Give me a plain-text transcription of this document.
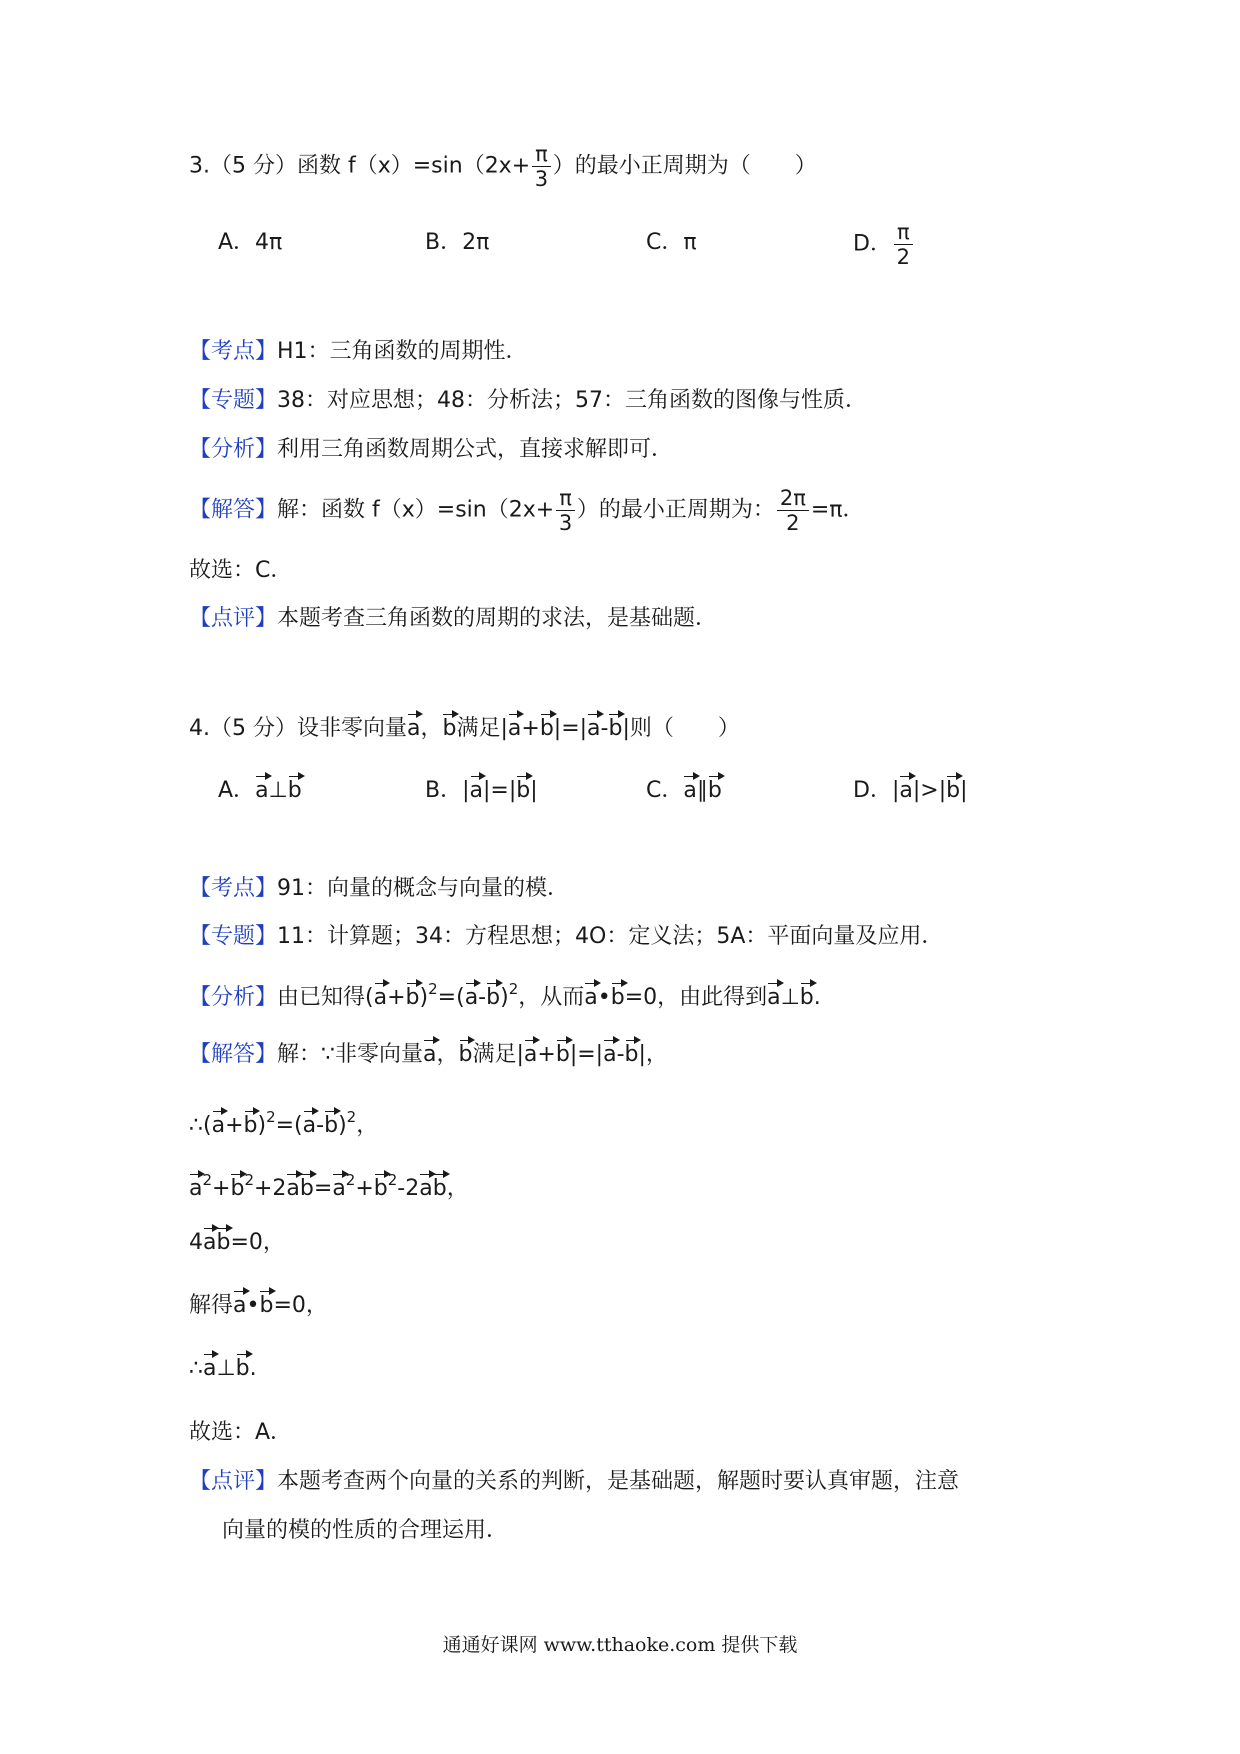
3.（5 分）函数 $f(x)=\sin(2x+ \frac{\pi}{3}$ ）的最小正周期为（　　）
A．4π	B．2π	C．π	D． $\frac{\pi}{2}$
【考点】H1：三角函数的周期性．
【专题】38：对应思想；48：分析法；57：三角函数的图像与性质．
【分析】利用三角函数周期公式，直接求解即可．
【解答】解：函数 $f(x)=\sin(2x+ \frac{\pi}{3}$ ）的最小正周期为： $\frac{2\pi}{2} =\pi$．
故选：C．
【点评】本题考查三角函数的周期的求法，是基础题．
4.（5 分）设非零向量a，b满足|a+b|=|a-b|则（　　）
A．a⊥b	B．|a|=|b|	C．a∥b	D．|a|>|b|
【考点】91：向量的概念与向量的模．
【专题】11：计算题；34：方程思想；4O：定义法；5A：平面向量及应用．
【分析】由已知得$(a+b)^2=(a-b)^2$，从而a•b=0，由此得到a⊥b.
【解答】解：∵非零向量a，b满足|a+b|=|a-b|，
$\therefore(a+b)^2=(a-b)^2$，
$a^2+b^2+2ab=a^2+b^2-2ab$，
4ab=0，
解得a•b=0，
∴a⊥b.
故选：A．
【点评】本题考查两个向量的关系的判断，是基础题，解题时要认真审题，注意
向量的模的性质的合理运用．
通通好课网 www.tthaoke.com 提供下载
